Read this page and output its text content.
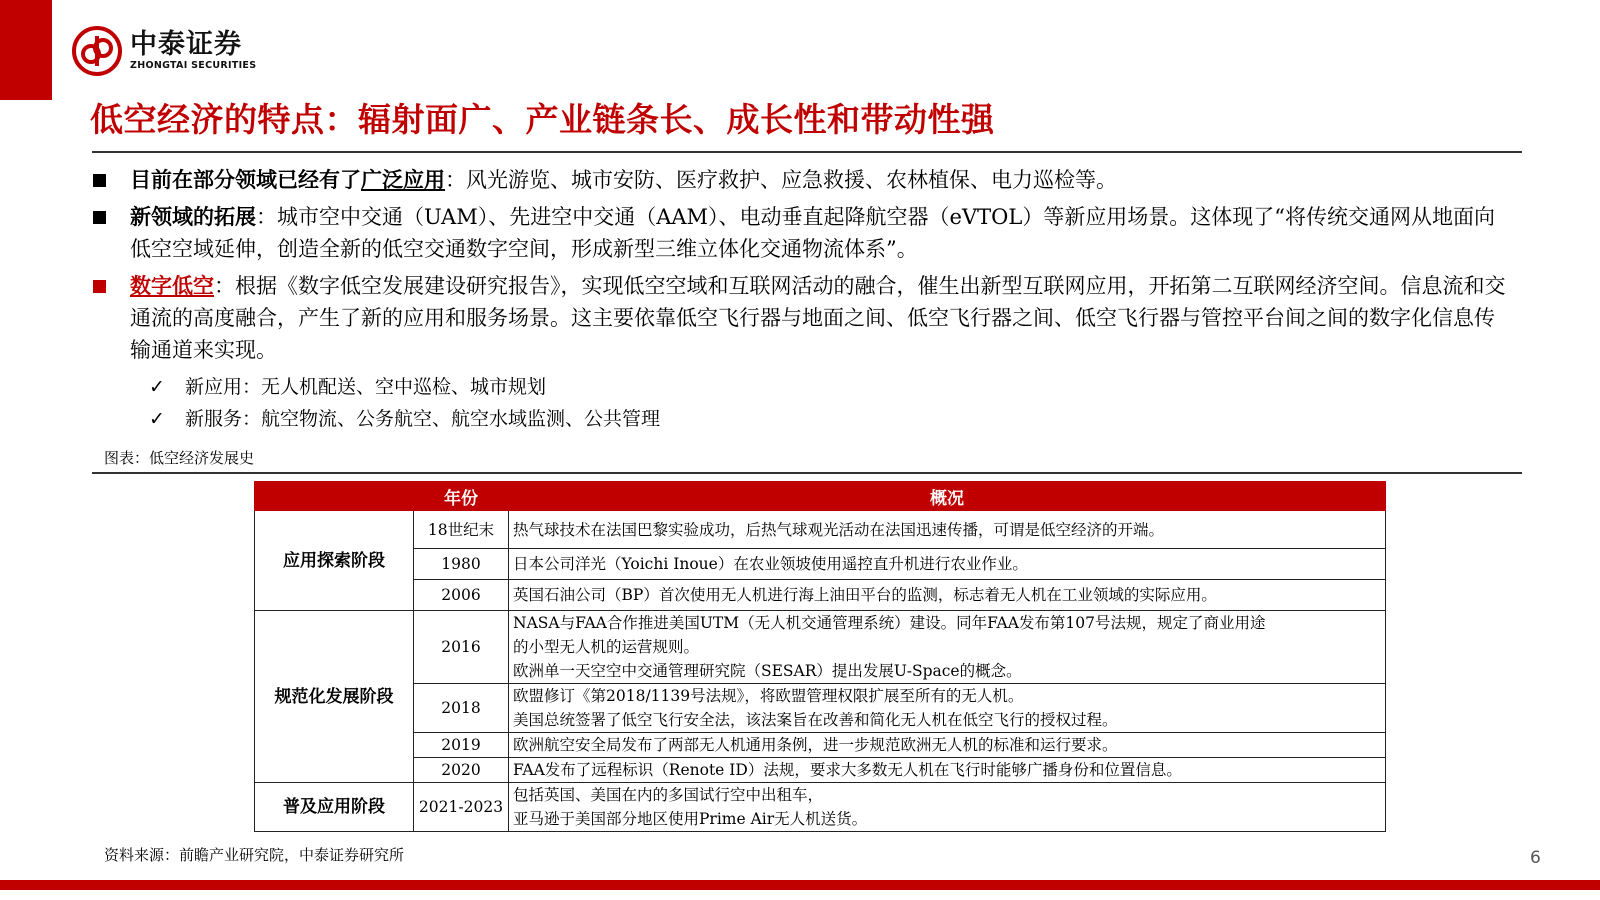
中泰证券
ZHONGTAI SECURITIES
低空经济的特点：辐射面广、产业链条长、成长性和带动性强
目前在部分领域已经有了广泛应用：风光游览、城市安防、医疗救护、应急救援、农林植保、电力巡检等。
新领域的拓展：城市空中交通（UAM）、先进空中交通（AAM）、电动垂直起降航空器（eVTOL）等新应用场景。这体现了“将传统交通网从地面向低空空域延伸，创造全新的低空交通数字空间，形成新型三维立体化交通物流体系”。
数字低空：根据《数字低空发展建设研究报告》，实现低空空域和互联网活动的融合，催生出新型互联网应用，开拓第二互联网经济空间。信息流和交通流的高度融合，产生了新的应用和服务场景。这主要依靠低空飞行器与地面之间、低空飞行器之间、低空飞行器与管控平台间之间的数字化信息传输通道来实现。
✓	新应用：无人机配送、空中巡检、城市规划
✓	新服务：航空物流、公务航空、航空水域监测、公共管理
图表：低空经济发展史
	年份	概况
应用探索阶段	18世纪末	热气球技术在法国巴黎实验成功，后热气球观光活动在法国迅速传播，可谓是低空经济的开端。
	1980	日本公司洋光（Yoichi Inoue）在农业领坡使用遥控直升机进行农业作业。
	2006	英国石油公司（BP）首次使用无人机进行海上油田平台的监测，标志着无人机在工业领域的实际应用。
规范化发展阶段	2016	NASA与FAA合作推进美国UTM（无人机交通管理系统）建设。同年FAA发布第107号法规，规定了商业用途
的小型无人机的运营规则。
欧洲单一天空空中交通管理研究院（SESAR）提出发展U-Space的概念。

	2018	欧盟修订《第2018/1139号法规》，将欧盟管理权限扩展至所有的无人机。
美国总统签署了低空飞行安全法，该法案旨在改善和简化无人机在低空飞行的授权过程。

	2019	欧洲航空安全局发布了两部无人机通用条例，进一步规范欧洲无人机的标准和运行要求。
	2020	FAA发布了远程标识（Renote ID）法规，要求大多数无人机在飞行时能够广播身份和位置信息。
普及应用阶段	2021-2023	包括英国、美国在内的多国试行空中出租车，
亚马逊于美国部分地区使用Prime Air无人机送货。
资料来源：前瞻产业研究院，中泰证券研究所	6
